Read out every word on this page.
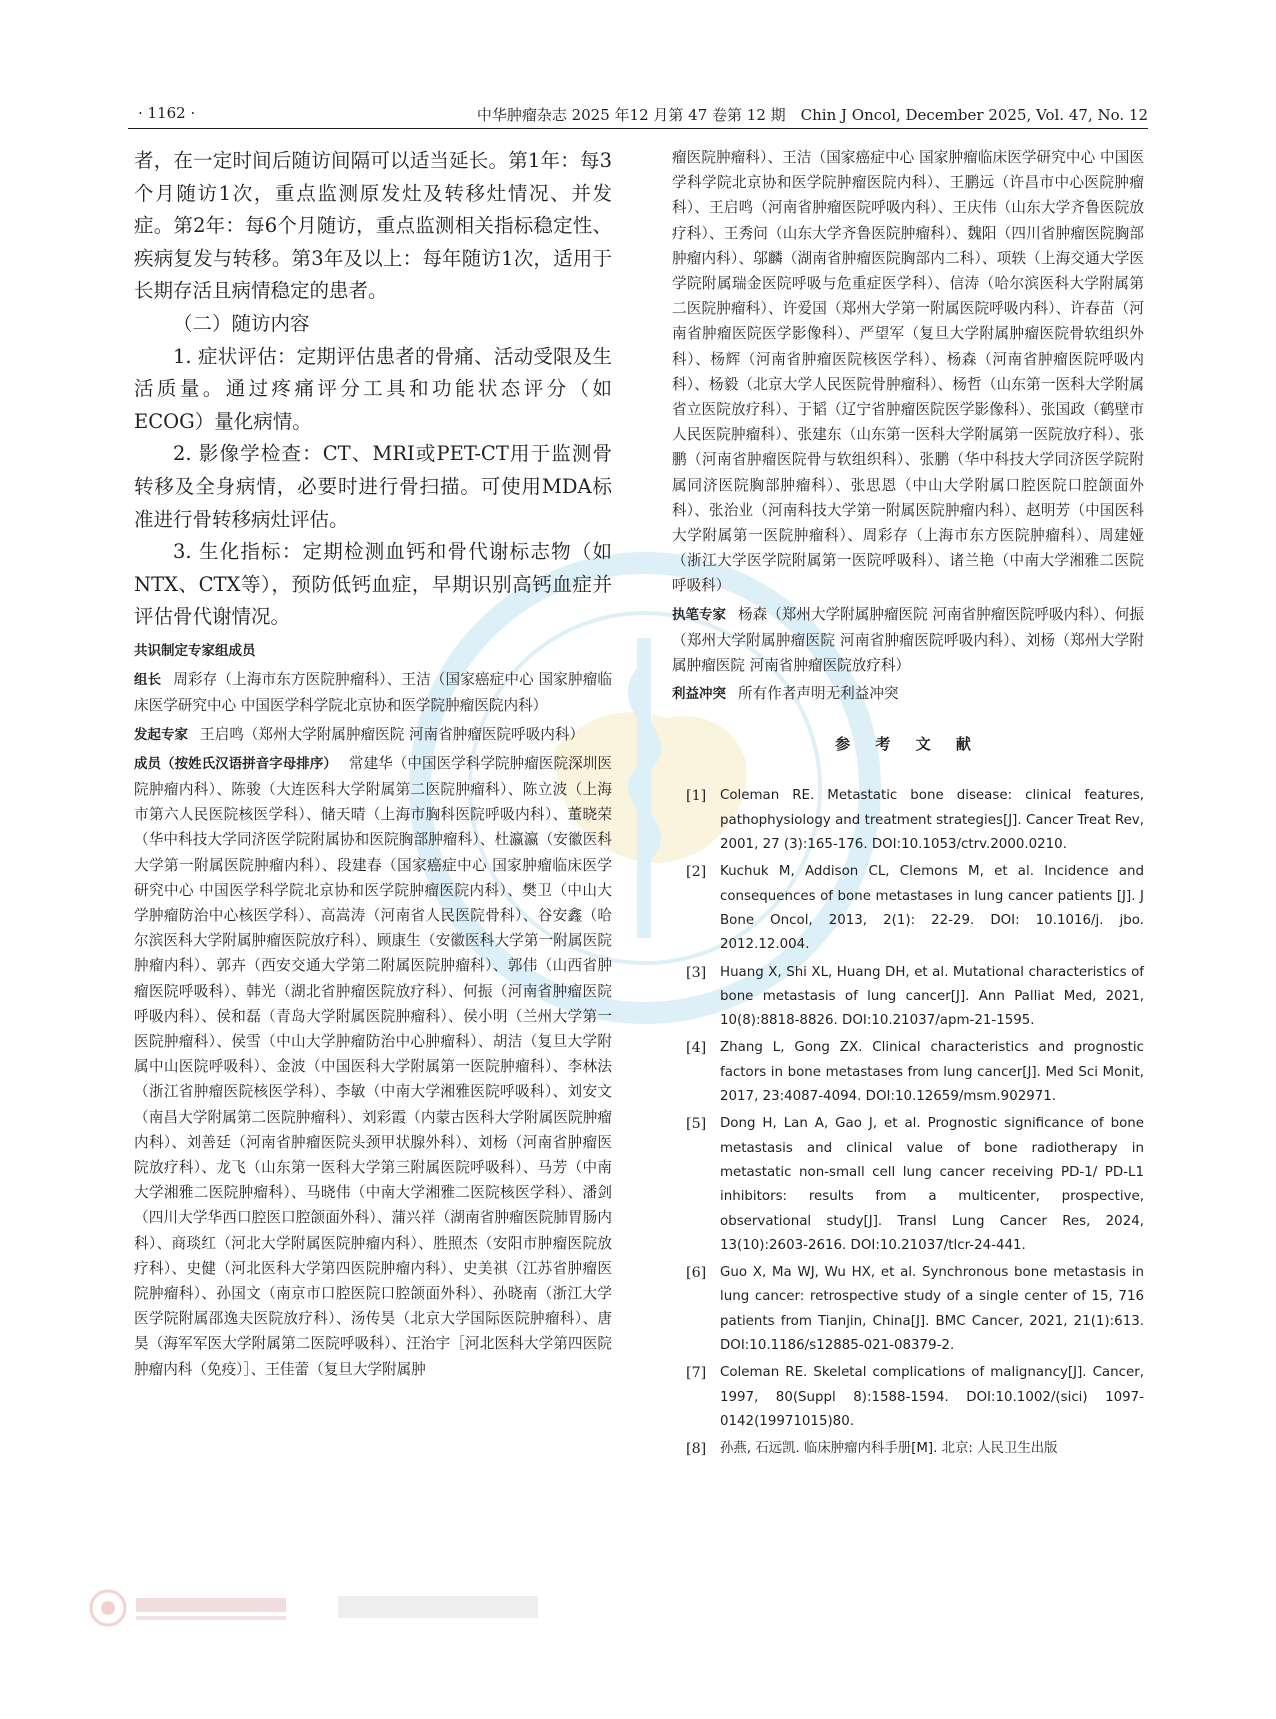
· 1162 ·	中华肿瘤杂志 2025 年12 月第 47 卷第 12 期　Chin J Oncol, December 2025, Vol. 47, No. 12

者，在一定时间后随访间隔可以适当延长。第1年：每3个月随访1次，重点监测原发灶及转移灶情况、并发症。第2年：每6个月随访，重点监测相关指标稳定性、疾病复发与转移。第3年及以上：每年随访1次，适用于长期存活且病情稳定的患者。

（二）随访内容

1. 症状评估：定期评估患者的骨痛、活动受限及生活质量。通过疼痛评分工具和功能状态评分（如ECOG）量化病情。

2. 影像学检查：CT、MRI或PET-CT用于监测骨转移及全身病情，必要时进行骨扫描。可使用MDA标准进行骨转移病灶评估。

3. 生化指标：定期检测血钙和骨代谢标志物（如NTX、CTX等），预防低钙血症，早期识别高钙血症并评估骨代谢情况。

共识制定专家组成员

组长 周彩存（上海市东方医院肿瘤科）、王洁（国家癌症中心 国家肿瘤临床医学研究中心 中国医学科学院北京协和医学院肿瘤医院内科）

发起专家 王启鸣（郑州大学附属肿瘤医院 河南省肿瘤医院呼吸内科）

成员（按姓氏汉语拼音字母排序） 常建华（中国医学科学院肿瘤医院深圳医院肿瘤内科）、陈骏（大连医科大学附属第二医院肿瘤科）、陈立波（上海市第六人民医院核医学科）、储天晴（上海市胸科医院呼吸内科）、董晓荣（华中科技大学同济医学院附属协和医院胸部肿瘤科）、杜瀛瀛（安徽医科大学第一附属医院肿瘤内科）、段建春（国家癌症中心 国家肿瘤临床医学研究中心 中国医学科学院北京协和医学院肿瘤医院内科）、樊卫（中山大学肿瘤防治中心核医学科）、高嵩涛（河南省人民医院骨科）、谷安鑫（哈尔滨医科大学附属肿瘤医院放疗科）、顾康生（安徽医科大学第一附属医院肿瘤内科）、郭卉（西安交通大学第二附属医院肿瘤科）、郭伟（山西省肿瘤医院呼吸科）、韩光（湖北省肿瘤医院放疗科）、何振（河南省肿瘤医院呼吸内科）、侯和磊（青岛大学附属医院肿瘤科）、侯小明（兰州大学第一医院肿瘤科）、侯雪（中山大学肿瘤防治中心肿瘤科）、胡洁（复旦大学附属中山医院呼吸科）、金波（中国医科大学附属第一医院肿瘤科）、李林法（浙江省肿瘤医院核医学科）、李敏（中南大学湘雅医院呼吸科）、刘安文（南昌大学附属第二医院肿瘤科）、刘彩霞（内蒙古医科大学附属医院肿瘤内科）、刘善廷（河南省肿瘤医院头颈甲状腺外科）、刘杨（河南省肿瘤医院放疗科）、龙飞（山东第一医科大学第三附属医院呼吸科）、马芳（中南大学湘雅二医院肿瘤科）、马晓伟（中南大学湘雅二医院核医学科）、潘剑（四川大学华西口腔医口腔颌面外科）、蒲兴祥（湖南省肿瘤医院肺胃肠内科）、商琰红（河北大学附属医院肿瘤内科）、胜照杰（安阳市肿瘤医院放疗科）、史健（河北医科大学第四医院肿瘤内科）、史美祺（江苏省肿瘤医院肿瘤科）、孙国文（南京市口腔医院口腔颌面外科）、孙晓南（浙江大学医学院附属邵逸夫医院放疗科）、汤传昊（北京大学国际医院肿瘤科）、唐昊（海军军医大学附属第二医院呼吸科）、汪治宇［河北医科大学第四医院肿瘤内科（免疫）］、王佳蕾（复旦大学附属肿

瘤医院肿瘤科）、王洁（国家癌症中心 国家肿瘤临床医学研究中心 中国医学科学院北京协和医学院肿瘤医院内科）、王鹏远（许昌市中心医院肿瘤科）、王启鸣（河南省肿瘤医院呼吸内科）、王庆伟（山东大学齐鲁医院放疗科）、王秀问（山东大学齐鲁医院肿瘤科）、魏阳（四川省肿瘤医院胸部肿瘤内科）、邬麟（湖南省肿瘤医院胸部内二科）、项轶（上海交通大学医学院附属瑞金医院呼吸与危重症医学科）、信涛（哈尔滨医科大学附属第二医院肿瘤科）、许爱国（郑州大学第一附属医院呼吸内科）、许春苗（河南省肿瘤医院医学影像科）、严望军（复旦大学附属肿瘤医院骨软组织外科）、杨辉（河南省肿瘤医院核医学科）、杨森（河南省肿瘤医院呼吸内科）、杨毅（北京大学人民医院骨肿瘤科）、杨哲（山东第一医科大学附属省立医院放疗科）、于韬（辽宁省肿瘤医院医学影像科）、张国政（鹤壁市人民医院肿瘤科）、张建东（山东第一医科大学附属第一医院放疗科）、张鹏（河南省肿瘤医院骨与软组织科）、张鹏（华中科技大学同济医学院附属同济医院胸部肿瘤科）、张思恩（中山大学附属口腔医院口腔颌面外科）、张治业（河南科技大学第一附属医院肿瘤内科）、赵明芳（中国医科大学附属第一医院肿瘤科）、周彩存（上海市东方医院肿瘤科）、周建娅（浙江大学医学院附属第一医院呼吸科）、诸兰艳（中南大学湘雅二医院呼吸科）

执笔专家 杨森（郑州大学附属肿瘤医院 河南省肿瘤医院呼吸内科）、何振（郑州大学附属肿瘤医院 河南省肿瘤医院呼吸内科）、刘杨（郑州大学附属肿瘤医院 河南省肿瘤医院放疗科）

利益冲突 所有作者声明无利益冲突

参 考 文 献
[1]	Coleman RE. Metastatic bone disease: clinical features, pathophysiology and treatment strategies[J]. Cancer Treat Rev, 2001, 27 (3):165-176. DOI:10.1053/ctrv.2000.0210.
[2]	Kuchuk M, Addison CL, Clemons M, et al. Incidence and consequences of bone metastases in lung cancer patients [J]. J Bone Oncol, 2013, 2(1): 22-29. DOI: 10.1016/j. jbo. 2012.12.004.
[3]	Huang X, Shi XL, Huang DH, et al. Mutational characteristics of bone metastasis of lung cancer[J]. Ann Palliat Med, 2021, 10(8):8818-8826. DOI:10.21037/apm-21-1595.
[4]	Zhang L, Gong ZX. Clinical characteristics and prognostic factors in bone metastases from lung cancer[J]. Med Sci Monit, 2017, 23:4087-4094. DOI:10.12659/msm.902971.
[5]	Dong H, Lan A, Gao J, et al. Prognostic significance of bone metastasis and clinical value of bone radiotherapy in metastatic non-small cell lung cancer receiving PD-1/ PD-L1 inhibitors: results from a multicenter, prospective, observational study[J]. Transl Lung Cancer Res, 2024, 13(10):2603-2616. DOI:10.21037/tlcr-24-441.
[6]	Guo X, Ma WJ, Wu HX, et al. Synchronous bone metastasis in lung cancer: retrospective study of a single center of 15, 716 patients from Tianjin, China[J]. BMC Cancer, 2021, 21(1):613. DOI:10.1186/s12885-021-08379-2.
[7]	Coleman RE. Skeletal complications of malignancy[J]. Cancer, 1997, 80(Suppl 8):1588-1594. DOI:10.1002/(sici) 1097-0142(19971015)80.
[8]	孙燕, 石远凯. 临床肿瘤内科手册[M]. 北京: 人民卫生出版
